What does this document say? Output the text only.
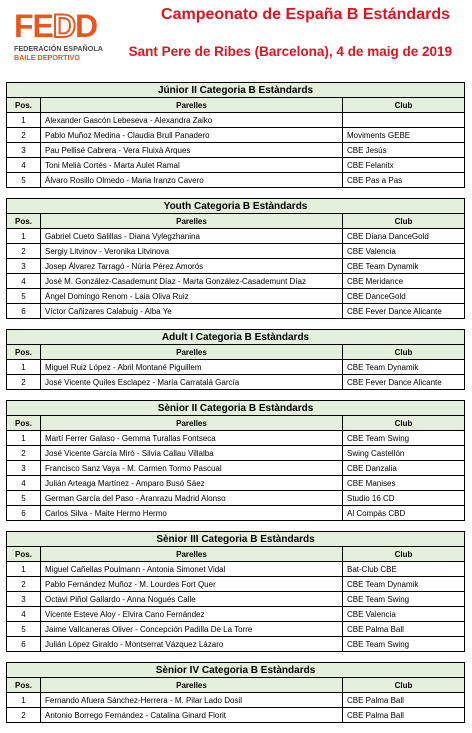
FEDD
FEDERACIÓN ESPAÑOLA
BAILE DEPORTIVO
Campeonato de España B Estándards
Sant Pere de Ribes (Barcelona), 4 de maig de 2019
Júnior II Categoria B Estàndards		
Pos.	Parelles	Club
1	Alexander Gascón Lebeseva - Alexandra Zaiko	
2	Pablo Muñoz Medina - Claudia Brull Panadero	Moviments GEBE
3	Pau Pellisé Cabrera - Vera Fluixà Arques	CBE Jesús
4	Toni Melià Cortés - Marta Aulet Ramal	CBE Felanitx
5	Álvaro Rosillo Olmedo - Maria Iranzo Cavero	CBE Pas a Pas
Youth Categoria B Estàndards		
Pos.	Parelles	Club
1	Gabriel Cueto Salillas - Diana Vylegzhanina	CBE Diana DanceGold
2	Sergiy Litvinov - Veronika Litvinova	CBE Valencia
3	Josep Álvarez Tarragó - Núria Pérez Amorós	CBE Team Dynamik
4	José M. González-Casademunt Díaz - Marta González-Casademunt Díaz	CBE Meridance
5	Ángel Domingo Renom - Laia Oliva Ruiz	CBE DanceGold
6	Víctor Cañizares Calabuig - Alba Ye	CBE Fever Dance Alicante
Adult I Categoria B Estàndards		
Pos.	Parelles	Club
1	Miguel Ruiz López - Abril Montané Piguillem	CBE Team Dynamik
2	José Vicente Quiles Esclapez - María Carratalá García	CBE Fever Dance Alicante
Sènior II Categoria B Estàndards		
Pos.	Parelles	Club
1	Martí Ferrer Galaso - Gemma Turallas Fontseca	CBE Team Swing
2	José Vicente García Miró - Silvia Callau Villalba	Swing Castellón
3	Francisco Sanz Vaya - M. Carmen Tormo Pascual	CBE Danzalia
4	Julián Arteaga Martínez - Amparo Busó Sáez	CBE Manises
5	German García del Paso - Aranrazu Madrid Alonso	Studio 16 CD
6	Carlos Silva - Maite Hermo Hermo	Al Compás CBD
Sènior III Categoria B Estàndards		
Pos.	Parelles	Club
1	Miguel Cañellas Poulmann - Antonia Simonet Vidal	Bat-Club CBE
2	Pablo Fernández Muñoz - M. Lourdes Fort Quer	CBE Team Dynamik
3	Octavi Piñol Gallardo - Anna Nogués Calle	CBE Team Swing
4	Vicente Esteve Aloy - Elvira Cano Fernández	CBE Valencia
5	Jaime Vallcaneras Oliver - Concepción Padilla De La Torre	CBE Palma Ball
6	Julián López Giraldo - Montserrat Vázquez Lázaro	CBE Team Swing
Sènior IV Categoria B Estàndards		
Pos.	Parelles	Club
1	Fernando Afuera Sánchez-Herrera - M. Pilar Lado Dosil	CBE Palma Ball
2	Antonio Borrego Fernández - Catalina Ginard Florit	CBE Palma Ball
